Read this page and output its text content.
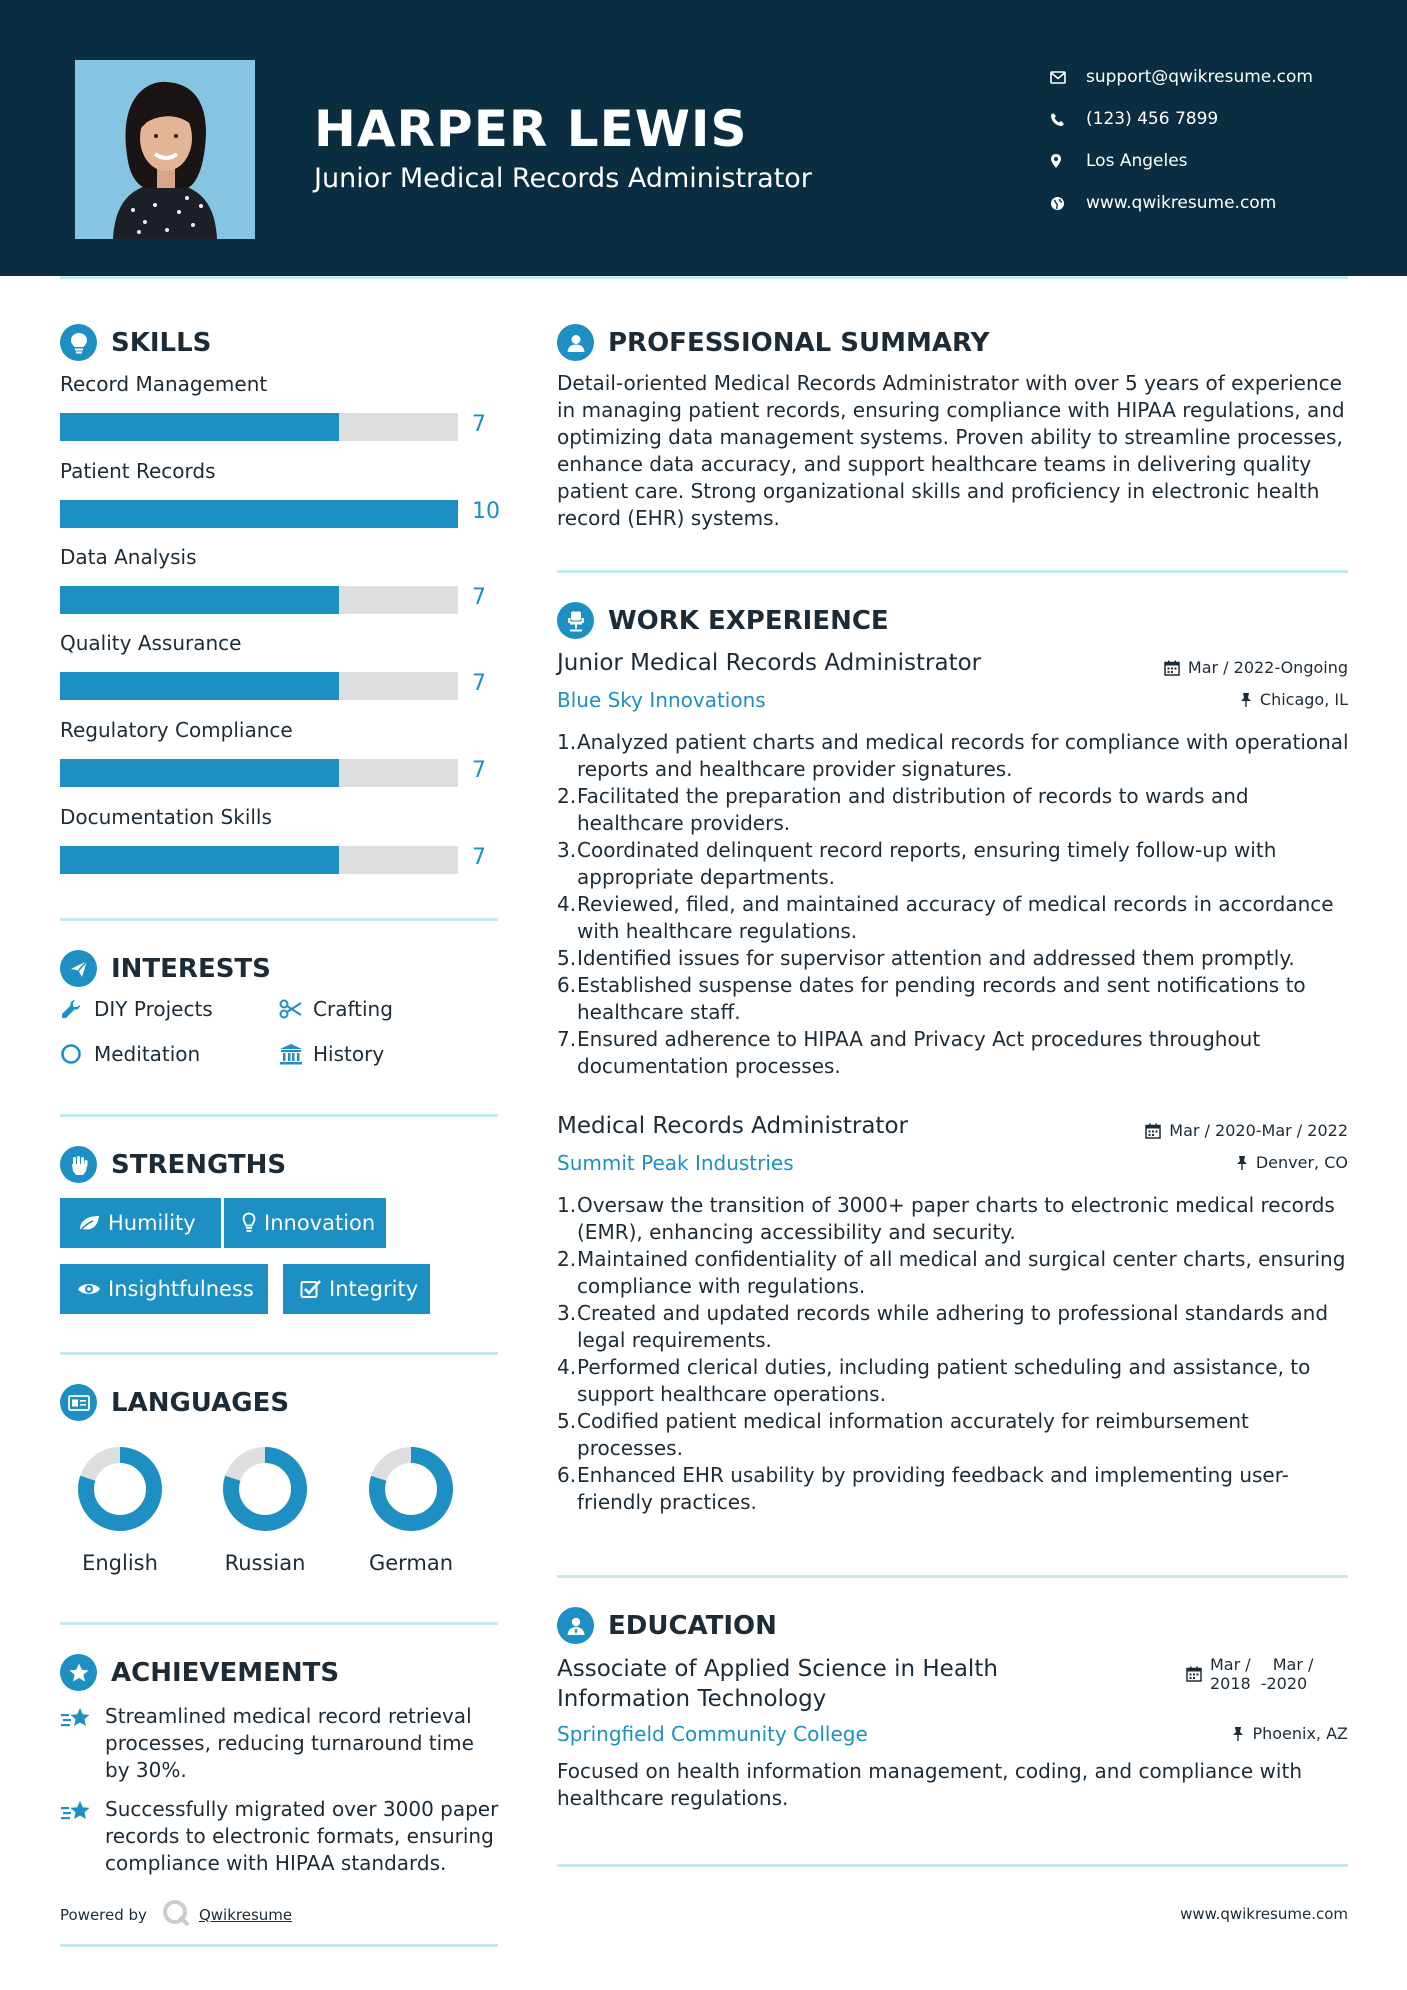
HARPER LEWIS
Junior Medical Records Administrator
support@qwikresume.com
(123) 456 7899
Los Angeles
www.qwikresume.com
SKILLS
Record Management
7
Patient Records
10
Data Analysis
7
Quality Assurance
7
Regulatory Compliance
7
Documentation Skills
7
INTERESTS
DIY Projects	Crafting
Meditation	History
STRENGTHS
Humility	Innovation
Insightfulness	Integrity
LANGUAGES
English	Russian	German
ACHIEVEMENTS
Streamlined medical record retrieval processes, reducing turnaround time by 30%.
Successfully migrated over 3000 paper records to electronic formats, ensuring compliance with HIPAA standards.
PROFESSIONAL SUMMARY
Detail-oriented Medical Records Administrator with over 5 years of experience in managing patient records, ensuring compliance with HIPAA regulations, and optimizing data management systems. Proven ability to streamline processes, enhance data accuracy, and support healthcare teams in delivering quality patient care. Strong organizational skills and proficiency in electronic health record (EHR) systems.
WORK EXPERIENCE
Junior Medical Records Administrator	Mar / 2022-Ongoing
Blue Sky Innovations	Chicago, IL
1. Analyzed patient charts and medical records for compliance with operational reports and healthcare provider signatures.
2. Facilitated the preparation and distribution of records to wards and healthcare providers.
3. Coordinated delinquent record reports, ensuring timely follow-up with appropriate departments.
4. Reviewed, filed, and maintained accuracy of medical records in accordance with healthcare regulations.
5. Identified issues for supervisor attention and addressed them promptly.
6. Established suspense dates for pending records and sent notifications to healthcare staff.
7. Ensured adherence to HIPAA and Privacy Act procedures throughout documentation processes.
Medical Records Administrator	Mar / 2020-Mar / 2022
Summit Peak Industries	Denver, CO
1. Oversaw the transition of 3000+ paper charts to electronic medical records (EMR), enhancing accessibility and security.
2. Maintained confidentiality of all medical and surgical center charts, ensuring compliance with regulations.
3. Created and updated records while adhering to professional standards and legal requirements.
4. Performed clerical duties, including patient scheduling and assistance, to support healthcare operations.
5. Codified patient medical information accurately for reimbursement processes.
6. Enhanced EHR usability by providing feedback and implementing user-friendly practices.
EDUCATION
Associate of Applied Science in Health
Information Technology
Mar /
2018
Mar /
-2020
Springfield Community College	Phoenix, AZ
Focused on health information management, coding, and compliance with healthcare regulations.
Powered by	Qwikresume	www.qwikresume.com
